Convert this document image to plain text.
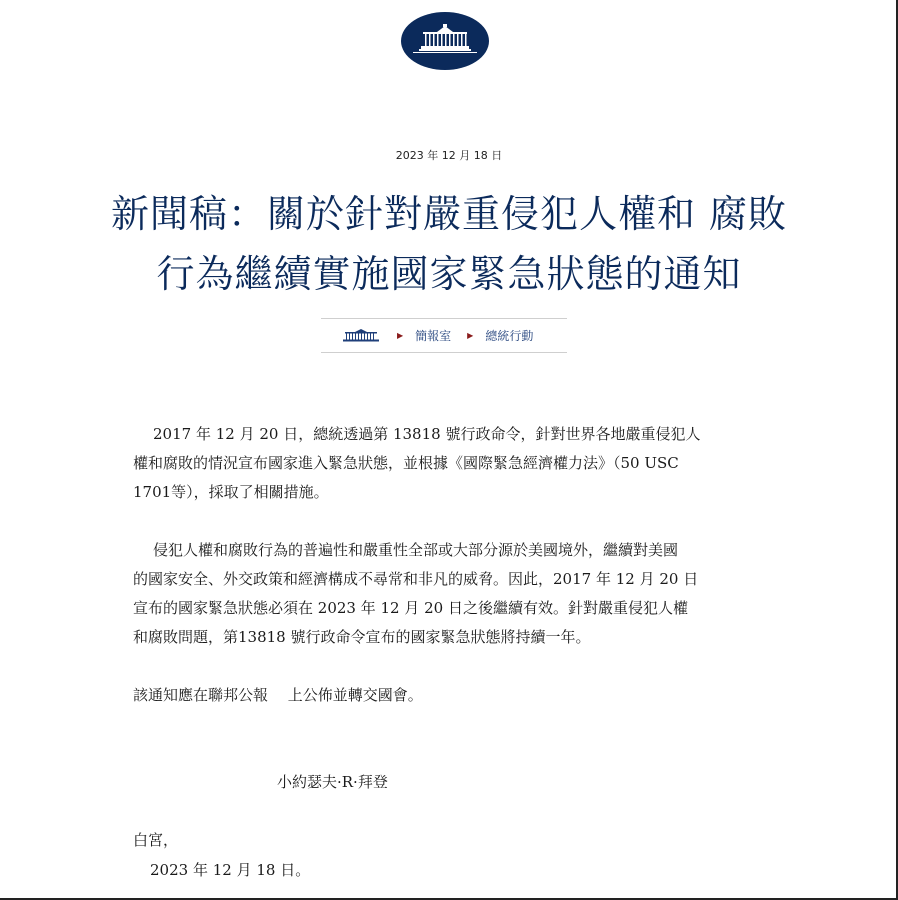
2023 年 12 月 18 日
新聞稿：關於針對嚴重侵犯人權和 腐敗
行為繼續實施國家緊急狀態的通知
▶ 簡報室 ▶ 總統行動

2017 年 12 月 20 日，總統透過第 13818 號行政命令，針對世界各地嚴重侵犯人

權和腐敗的情況宣布國家進入緊急狀態，並根據《國際緊急經濟權力法》（50 USC

1701等），採取了相關措施。

侵犯人權和腐敗行為的普遍性和嚴重性全部或大部分源於美國境外，繼續對美國

的國家安全、外交政策和經濟構成不尋常和非凡的威脅。因此，2017 年 12 月 20 日

宣布的國家緊急狀態必須在 2023 年 12 月 20 日之後繼續有效。針對嚴重侵犯人權

和腐敗問題，第13818 號行政命令宣布的國家緊急狀態將持續一年。

該通知應在聯邦公報　 上公佈並轉交國會。

小約瑟夫·R·拜登
白宮，
2023 年 12 月 18 日。
